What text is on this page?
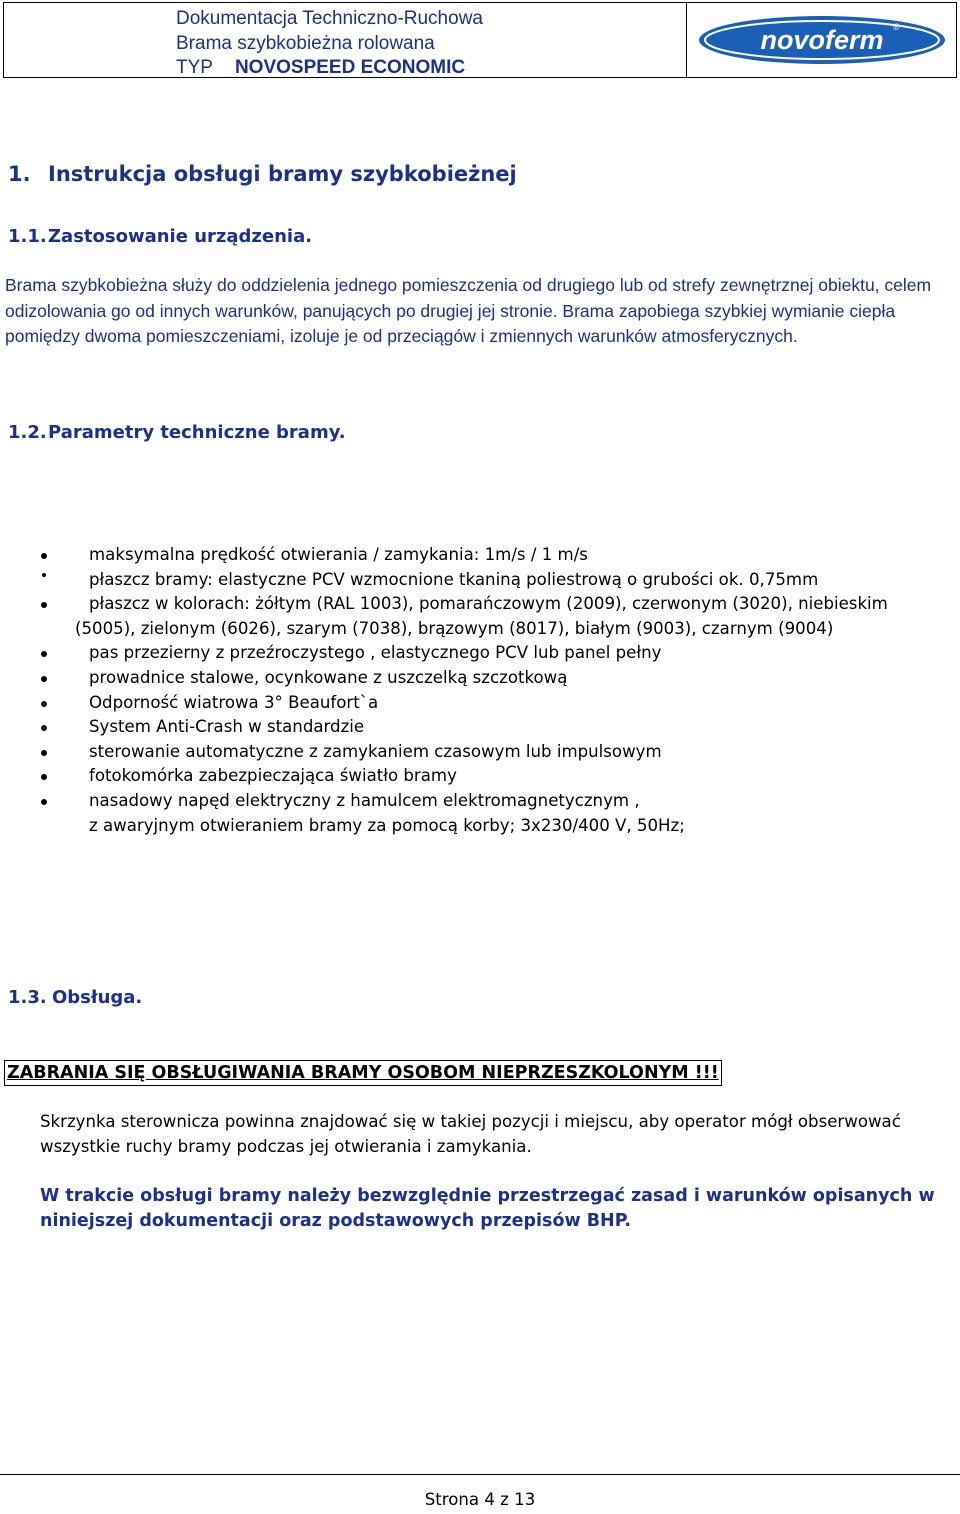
Dokumentacja Techniczno-Ruchowa
Brama szybkobieżna rolowana
TYP NOVOSPEED ECONOMIC
novoferm ®
1. Instrukcja obsługi bramy szybkobieżnej
1.1.Zastosowanie urządzenia.

Brama szybkobieżna służy do oddzielenia jednego pomieszczenia od drugiego lub od strefy zewnętrznej obiektu, celem odizolowania go od innych warunków, panujących po drugiej jej stronie. Brama zapobiega szybkiej wymianie ciepła pomiędzy dwoma pomieszczeniami, izoluje je od przeciągów i zmiennych warunków atmosferycznych.

1.2.Parametry techniczne bramy.
maksymalna prędkość otwierania / zamykania: 1m/s / 1 m/s
płaszcz bramy: elastyczne PCV wzmocnione tkaniną poliestrową o grubości ok. 0,75mm
płaszcz w kolorach: żółtym (RAL 1003), pomarańczowym (2009), czerwonym (3020), niebieskim
(5005), zielonym (6026), szarym (7038), brązowym (8017), białym (9003), czarnym (9004)
pas przezierny z przeźroczystego , elastycznego PCV lub panel pełny
prowadnice stalowe, ocynkowane z uszczelką szczotkową
Odporność wiatrowa 3° Beaufort`a
System Anti-Crash w standardzie
sterowanie automatyczne z zamykaniem czasowym lub impulsowym
fotokomórka zabezpieczająca światło bramy
nasadowy napęd elektryczny z hamulcem elektromagnetycznym ,
z awaryjnym otwieraniem bramy za pomocą korby; 3x230/400 V, 50Hz;
1.3. Obsługa.
ZABRANIA SIĘ OBSŁUGIWANIA BRAMY OSOBOM NIEPRZESZKOLONYM !!!

Skrzynka sterownicza powinna znajdować się w takiej pozycji i miejscu, aby operator mógł obserwować wszystkie ruchy bramy podczas jej otwierania i zamykania.

W trakcie obsługi bramy należy bezwzględnie przestrzegać zasad i warunków opisanych w niniejszej dokumentacji oraz podstawowych przepisów BHP.

Strona 4 z 13
